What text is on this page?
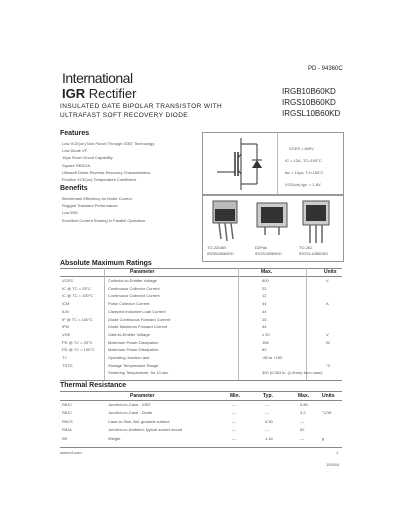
International
IGR Rectifier
PD - 94360C
IRGB10B60KD
IRGS10B60KD
IRGSL10B60KD
INSULATED GATE BIPOLAR TRANSISTOR WITH
ULTRAFAST SOFT RECOVERY DIODE
Features
Low VCE(on) Non Punch Through IGBT Technology.
Low Diode VF.
10µs Short Circuit Capability.
Square RBSOA.
Ultrasoft Diode Reverse Recovery Characteristics.
Positive VCE(on) Temperature Coefficient.
VCES = 600V
IC = 12A, TC=100°C
tsc > 10µs, TJ=150°C
VCE(on) typ. = 1.8V
Benefits
Benchmark Efficiency for Motor Control.
Rugged Transient Performance.
Low EMI.
Excellent Current Sharing in Parallel Operation.
TO-220AB
IRGB10B60KD
D2Pak
IRGS10B60KD
TO-262
IRGSL10B60KD
Absolute Maximum Ratings
Parameter	Max.	Units
VCES	Collector-to-Emitter Voltage	600	V
IC @ TC = 25°C	Continuous Collector Current	22
IC @ TC = 100°C	Continuous Collector Current	12
ICM	Pulse Collector Current	44	A
ILM	Clamped Inductive Load Current	44
IF @ TC = 100°C	Diode Continuous Forward Current	10
IFM	Diode Maximum Forward Current	44
VGE	Gate-to-Emitter Voltage	± 20	V
PD @ TC = 25°C	Maximum Power Dissipation	156	W
PD @ TC = 100°C	Maximum Power Dissipation	62
TJ	Operating Junction and	-55 to +150
TSTG	Storage Temperature Range	°C
Soldering Temperature, for 10 sec.	300 (0.063 in. (1.6mm) from case)
Thermal Resistance
Parameter	Min.	Typ.	Max.	Units
RθJC	Junction-to-Case - IGBT	---	---	0.80
RθJC	Junction-to-Case - Diode	---	---	3.2	°C/W
RθCS	Case-to-Sink, flat, greased surface	---	0.50	---
RθJA	Junction-to-Ambient, typical socket mount	---	---	62
Wt	Weight	---	1.44	---	g
www.irf.com	1
10/5/04
